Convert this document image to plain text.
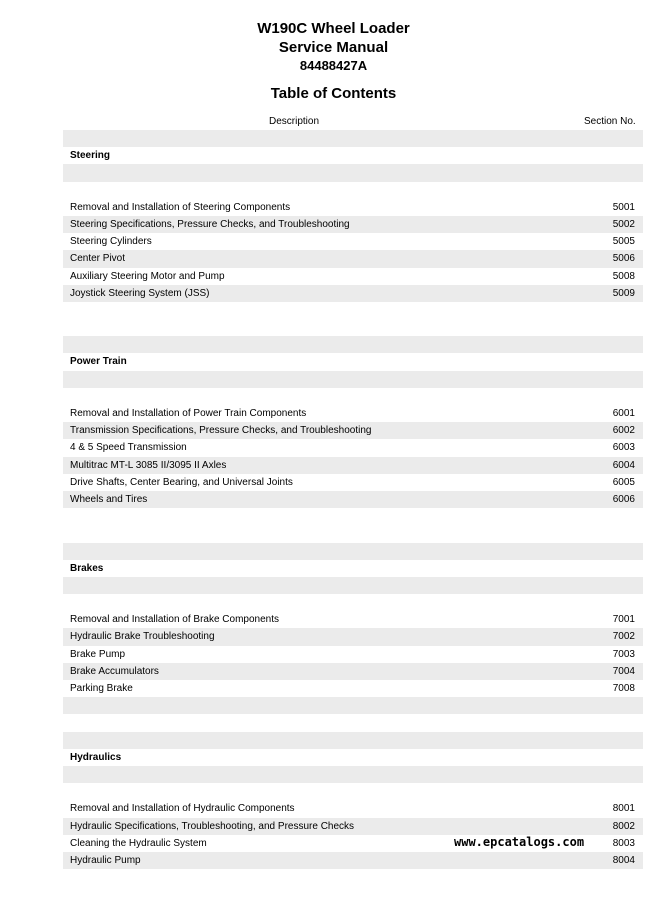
W190C Wheel Loader
Service Manual
84488427A
Table of Contents
Description	Section No.
Steering
Removal and Installation of Steering Components	5001
Steering Specifications, Pressure Checks, and Troubleshooting	5002
Steering Cylinders	5005
Center Pivot	5006
Auxiliary Steering Motor and Pump	5008
Joystick Steering System (JSS)	5009
Power Train
Removal and Installation of Power Train Components	6001
Transmission Specifications, Pressure Checks, and Troubleshooting	6002
4 & 5 Speed Transmission	6003
Multitrac MT-L 3085 II/3095 II Axles	6004
Drive Shafts, Center Bearing, and Universal Joints	6005
Wheels and Tires	6006
Brakes
Removal and Installation of Brake Components	7001
Hydraulic Brake Troubleshooting	7002
Brake Pump	7003
Brake Accumulators	7004
Parking Brake	7008
Hydraulics
Removal and Installation of Hydraulic Components	8001
Hydraulic Specifications, Troubleshooting, and Pressure Checks	8002
Cleaning the Hydraulic System	8003
Hydraulic Pump	8004
www.epcatalogs.com
